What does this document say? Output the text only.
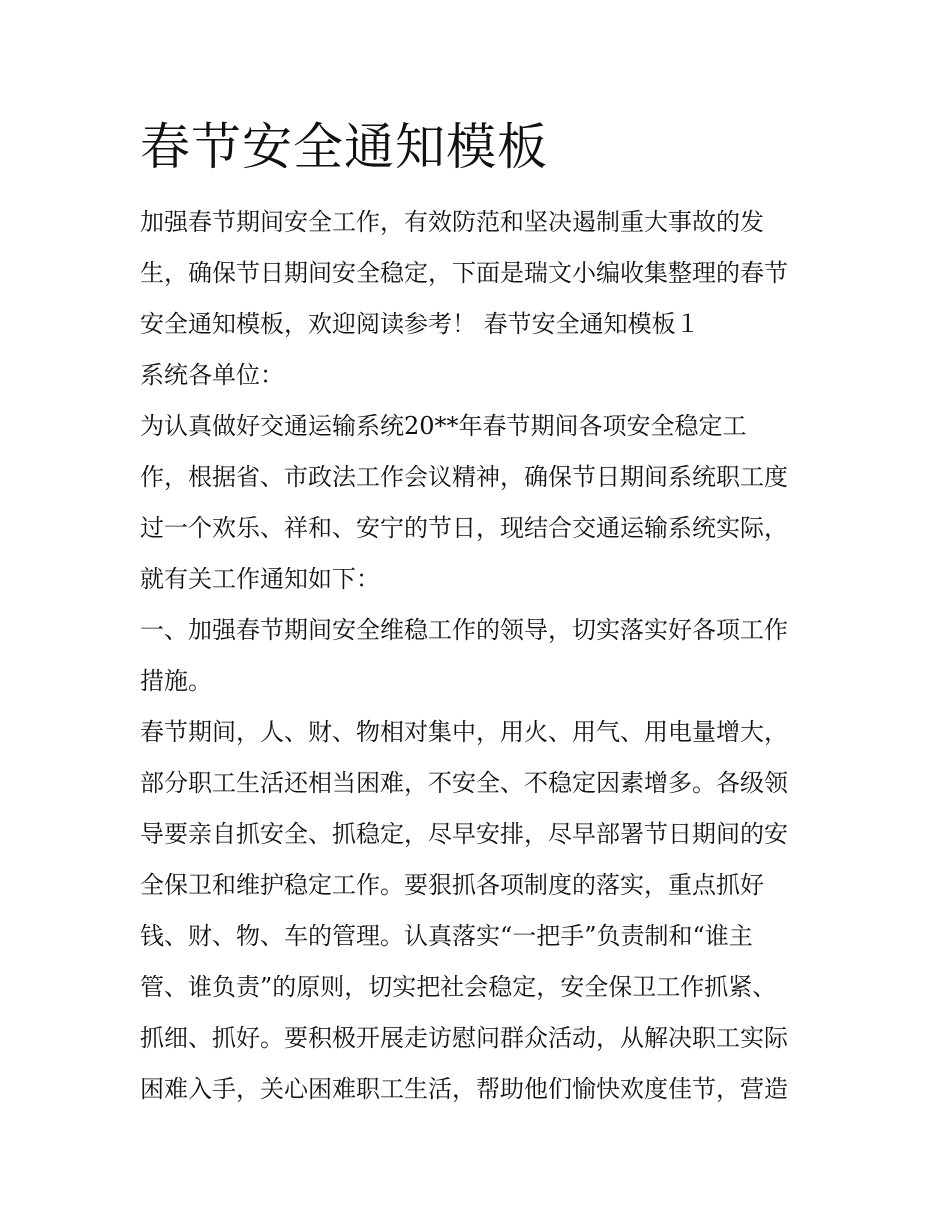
春节安全通知模板

加强春节期间安全工作，有效防范和坚决遏制重大事故的发

生，确保节日期间安全稳定，下面是瑞文小编收集整理的春节

安全通知模板，欢迎阅读参考！ 春节安全通知模板１

系统各单位：

为认真做好交通运输系统20**年春节期间各项安全稳定工

作，根据省、市政法工作会议精神，确保节日期间系统职工度

过一个欢乐、祥和、安宁的节日，现结合交通运输系统实际，

就有关工作通知如下：

一、加强春节期间安全维稳工作的领导，切实落实好各项工作

措施。

春节期间，人、财、物相对集中，用火、用气、用电量增大，

部分职工生活还相当困难，不安全、不稳定因素增多。各级领

导要亲自抓安全、抓稳定，尽早安排，尽早部署节日期间的安

全保卫和维护稳定工作。要狠抓各项制度的落实，重点抓好

钱、财、物、车的管理。认真落实“一把手”负责制和“谁主

管、谁负责”的原则，切实把社会稳定，安全保卫工作抓紧、

抓细、抓好。要积极开展走访慰问群众活动，从解决职工实际

困难入手，关心困难职工生活，帮助他们愉快欢度佳节，营造
